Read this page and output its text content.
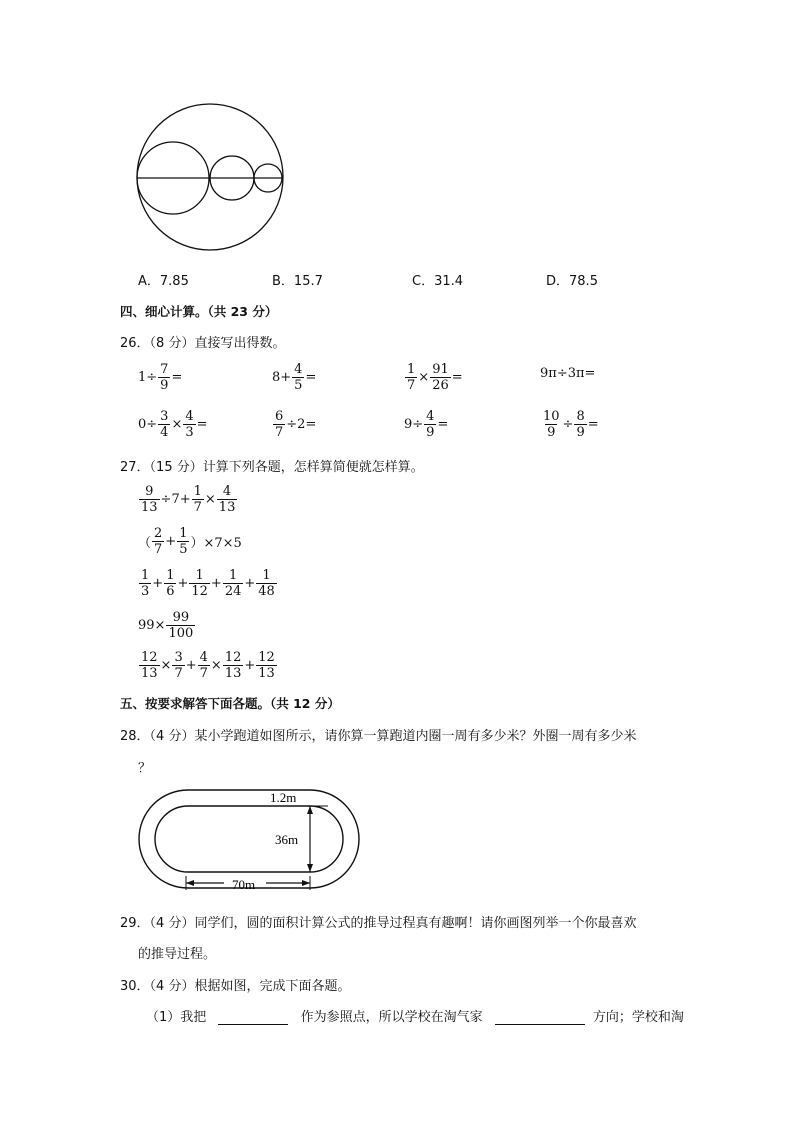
A．7.85	B．15.7	C．31.4	D．78.5
四、细心计算。（共 23 分）
26．（8 分）直接写出得数。
$1\div \frac{7}{9}$ =	$8+ \frac{4}{5}$ =	$\frac{1}{7} \times \frac{91}{26}$ =	9π÷3π=
$0\div \frac{3}{4} \times \frac{4}{3}$ =	$\frac{6}{7} \div 2=$	$9\div \frac{4}{9}$ =	$\frac{10}{9} \div \frac{8}{9}$ =
27．（15 分）计算下列各题，怎样算简便就怎样算。
$\frac{9}{13} \div 7+ \frac{1}{7} \times \frac{4}{13}$
（ $\frac{2}{7} + \frac{1}{5} )\times 7\times 5$
$\frac{1}{3} + \frac{1}{6} + \frac{1}{12} + \frac{1}{24} + \frac{1}{48}$
$99\times \frac{99}{100}$
$\frac{12}{13} \times \frac{3}{7} + \frac{4}{7} \times \frac{12}{13} + \frac{12}{13}$
五、按要求解答下面各题。（共 12 分）
28．（4 分）某小学跑道如图所示，请你算一算跑道内圈一周有多少米？外圈一周有多少米
？
1.2m
36m
70m
29．（4 分）同学们，圆的面积计算公式的推导过程真有趣啊！请你画图列举一个你最喜欢
的推导过程。
30．（4 分）根据如图，完成下面各题。
（1）我把	作为参照点，所以学校在淘气家	方向；学校和淘
